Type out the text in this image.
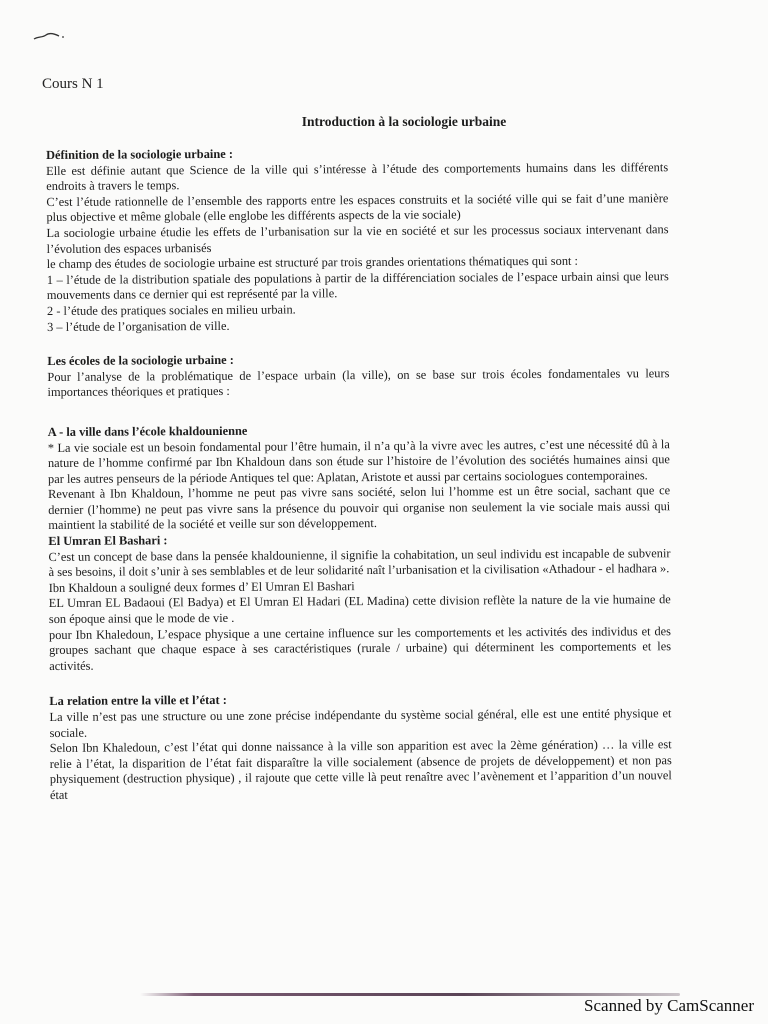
Cours N 1
Introduction à la sociologie urbaine

Définition de la sociologie urbaine :

Elle est définie autant que Science de la ville qui s’intéresse à l’étude des comportements humains dans les différents endroits à travers le temps.

C’est l’étude rationnelle de l’ensemble des rapports entre les espaces construits et la société ville qui se fait d’une manière plus objective et même globale (elle englobe les différents aspects de la vie sociale)

La sociologie urbaine étudie les effets de l’urbanisation sur la vie en société et sur les processus sociaux intervenant dans l’évolution des espaces urbanisés

le champ des études de sociologie urbaine est structuré par trois grandes orientations thématiques qui sont :

1 – l’étude de la distribution spatiale des populations à partir de la différenciation sociales de l’espace urbain ainsi que leurs mouvements dans ce dernier qui est représenté par la ville.

2 - l’étude des pratiques sociales en milieu urbain.

3 – l’étude de l’organisation de ville.

Les écoles de la sociologie urbaine :

Pour l’analyse de la problématique de l’espace urbain (la ville), on se base sur trois écoles fondamentales vu leurs importances théoriques et pratiques :

A - la ville dans l’école khaldounienne

* La vie sociale est un besoin fondamental pour l’être humain, il n’a qu’à la vivre avec les autres, c’est une nécessité dû à la nature de l’homme confirmé par Ibn Khaldoun dans son étude sur l’histoire de l’évolution des sociétés humaines ainsi que par les autres penseurs de la période Antiques tel que: Aplatan, Aristote et aussi par certains sociologues contemporaines.

Revenant à Ibn Khaldoun, l’homme ne peut pas vivre sans société, selon lui l’homme est un être social, sachant que ce dernier (l’homme) ne peut pas vivre sans la présence du pouvoir qui organise non seulement la vie sociale mais aussi qui maintient la stabilité de la société et veille sur son développement.

El Umran El Bashari :

C’est un concept de base dans la pensée khaldounienne, il signifie la cohabitation, un seul individu est incapable de subvenir à ses besoins, il doit s’unir à ses semblables et de leur solidarité naît l’urbanisation et la civilisation «Athadour - el hadhara ».

Ibn Khaldoun a souligné deux formes d’ El Umran El Bashari

EL Umran EL Badaoui (El Badya) et El Umran El Hadari (EL Madina) cette division reflète la nature de la vie humaine de son époque ainsi que le mode de vie .

pour Ibn Khaledoun, L’espace physique a une certaine influence sur les comportements et les activités des individus et des groupes sachant que chaque espace à ses caractéristiques (rurale / urbaine) qui déterminent les comportements et les activités.

La relation entre la ville et l’état :

La ville n’est pas une structure ou une zone précise indépendante du système social général, elle est une entité physique et sociale.

Selon Ibn Khaledoun, c’est l’état qui donne naissance à la ville son apparition est avec la 2ème génération) … la ville est relie à l’état, la disparition de l’état fait disparaître la ville socialement (absence de projets de développement) et non pas physiquement (destruction physique) , il rajoute que cette ville là peut renaître avec l’avènement et l’apparition d’un nouvel état

Scanned by CamScanner
